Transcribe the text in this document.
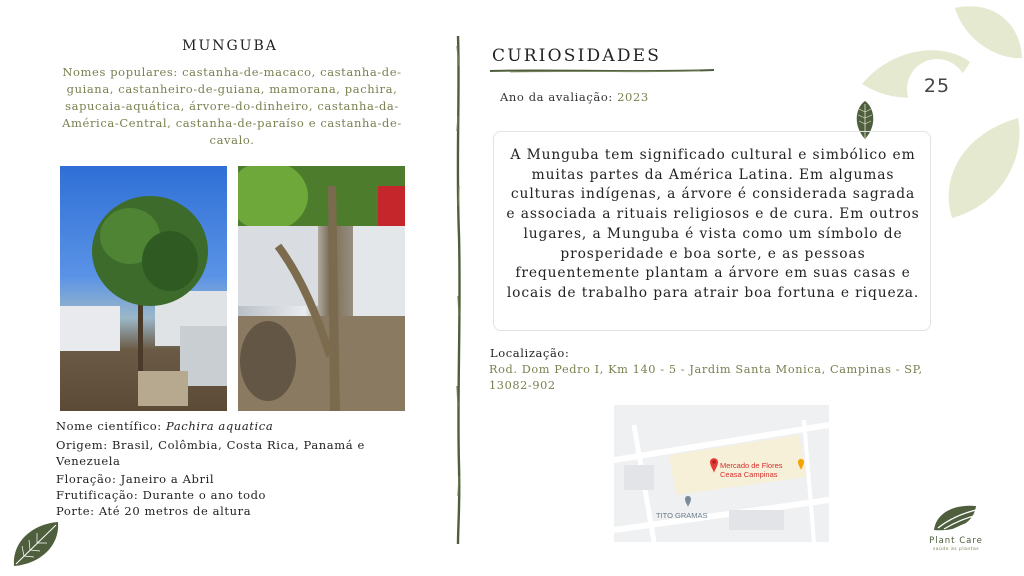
25
MUNGUBA
Nomes populares: castanha-de-macaco, castanha-de-guiana, castanheiro-de-guiana, mamorana, pachira, sapucaia-aquática, árvore-do-dinheiro, castanha-da-América-Central, castanha-de-paraíso e castanha-de-cavalo.
Nome científico: Pachira aquatica
Origem: Brasil, Colômbia, Costa Rica, Panamá e Venezuela
Floração: Janeiro a Abril
Frutificação: Durante o ano todo
Porte: Até 20 metros de altura
CURIOSIDADES
Ano da avaliação: 2023
A Munguba tem significado cultural e simbólico em muitas partes da América Latina. Em algumas culturas indígenas, a árvore é considerada sagrada e associada a rituais religiosos e de cura. Em outros lugares, a Munguba é vista como um símbolo de prosperidade e boa sorte, e as pessoas frequentemente plantam a árvore em suas casas e locais de trabalho para atrair boa fortuna e riqueza.
Localização:
Rod. Dom Pedro I, Km 140 - 5 - Jardim Santa Monica, Campinas - SP, 13082-902
Mercado de Flores
Ceasa Campinas
TITO GRAMAS
Plant Care
saúde às plantas
